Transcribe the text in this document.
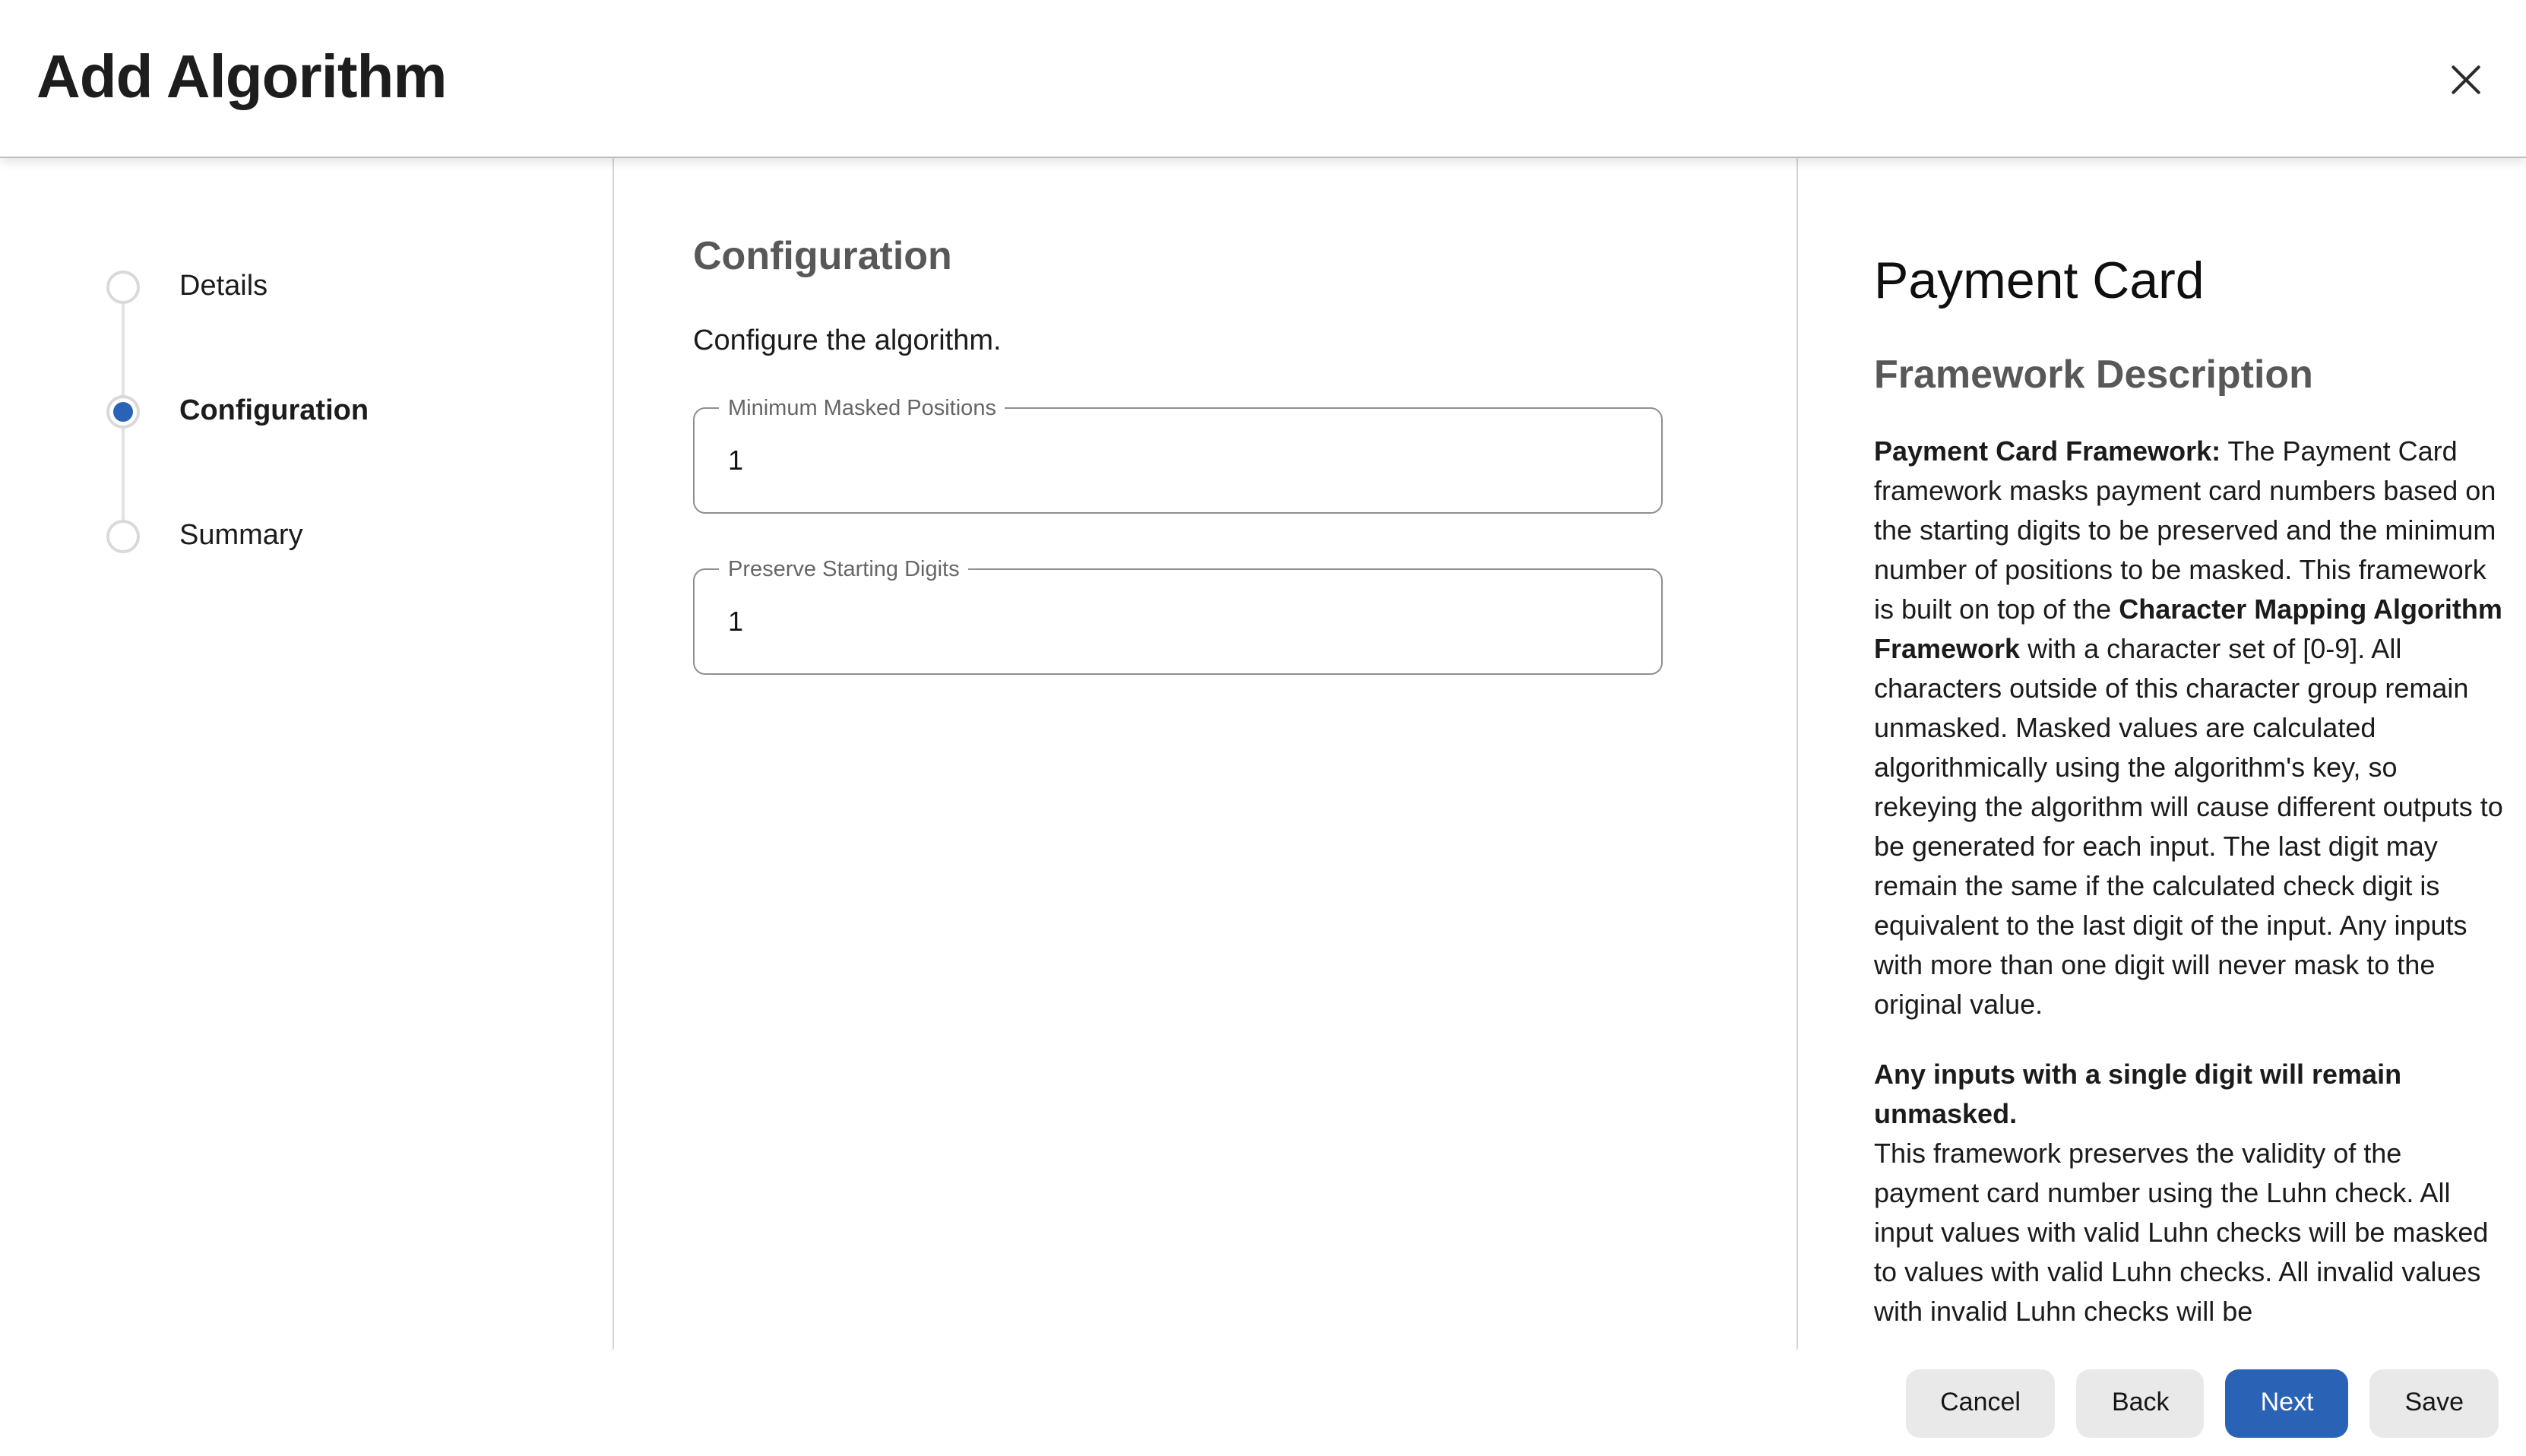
Add Algorithm
Details
Configuration
Summary
Configuration
Configure the algorithm.
Minimum Masked Positions
1
Preserve Starting Digits
1
Payment Card
Framework Description

Payment Card Framework: The Payment Card framework masks payment card numbers based on the starting digits to be preserved and the minimum number of positions to be masked. This framework is built on top of the Character Mapping Algorithm Framework with a character set of [0-9]. All characters outside of this character group remain unmasked. Masked values are calculated algorithmically using the algorithm's key, so rekeying the algorithm will cause different outputs to be generated for each input. The last digit may remain the same if the calculated check digit is equivalent to the last digit of the input. Any inputs with more than one digit will never mask to the original value.

Any inputs with a single digit will remain unmasked.
This framework preserves the validity of the payment card number using the Luhn check. All input values with valid Luhn checks will be masked to values with valid Luhn checks. All invalid values with invalid Luhn checks will be

Cancel	Back	Next	Save
